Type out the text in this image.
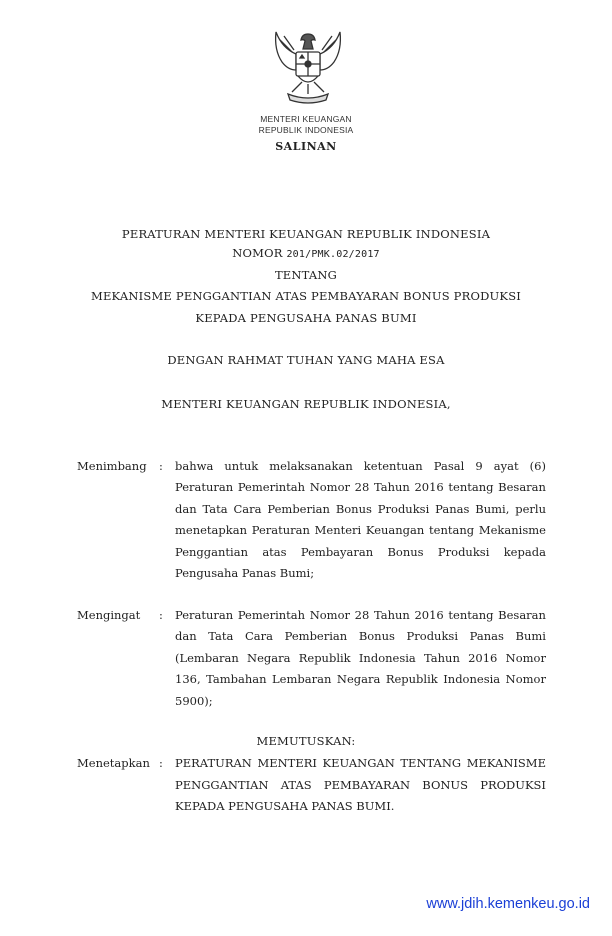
MENTERI KEUANGAN
REPUBLIK INDONESIA
SALINAN
PERATURAN MENTERI KEUANGAN REPUBLIK INDONESIA
NOMOR 201/PMK.02/2017
TENTANG
MEKANISME PENGGANTIAN ATAS PEMBAYARAN BONUS PRODUKSI
KEPADA PENGUSAHA PANAS BUMI
DENGAN RAHMAT TUHAN YANG MAHA ESA
MENTERI KEUANGAN REPUBLIK INDONESIA,
Menimbang : bahwa untuk melaksanakan ketentuan Pasal 9 ayat (6)
Peraturan Pemerintah Nomor 28 Tahun 2016 tentang Besaran
dan Tata Cara Pemberian Bonus Produksi Panas Bumi, perlu
menetapkan Peraturan Menteri Keuangan tentang Mekanisme
Penggantian atas Pembayaran Bonus Produksi kepada
Pengusaha Panas Bumi;
Mengingat : Peraturan Pemerintah Nomor 28 Tahun 2016 tentang Besaran
dan Tata Cara Pemberian Bonus Produksi Panas Bumi
(Lembaran Negara Republik Indonesia Tahun 2016 Nomor
136, Tambahan Lembaran Negara Republik Indonesia Nomor
5900);
MEMUTUSKAN:
Menetapkan : PERATURAN MENTERI KEUANGAN TENTANG MEKANISME
PENGGANTIAN ATAS PEMBAYARAN BONUS PRODUKSI
KEPADA PENGUSAHA PANAS BUMI.
www.jdih.kemenkeu.go.id
